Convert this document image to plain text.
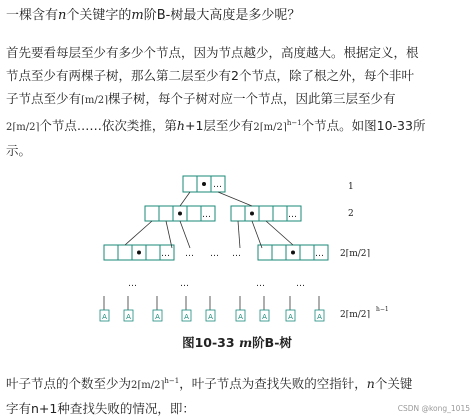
一棵含有n个关键字的m阶B-树最大高度是多少呢？
首先要看每层至少有多少个节点，因为节点越少，高度越大。根据定义，根
节点至少有两棵子树，那么第二层至少有2个节点，除了根之外，每个非叶
子节点至少有⌈m/2⌉棵子树，每个子树对应一个节点，因此第三层至少有
2⌈m/2⌉个节点……依次类推，第h+1层至少有2⌈m/2⌉$^{h-1}$个节点。如图10-33所
示。
…
…	…
…	…
… … …
…	…	…	…
A	A	A	A	A	A	A	A	A
1
2
2⌈m/2⌉
2⌈m/2⌉
h−1
图10-33 m阶B-树
叶子节点的个数至少为2⌈m/2⌉$^{h-1}$，叶子节点为查找失败的空指针，n个关键
字有n+1种查找失败的情况，即：	CSDN @kong_1015
